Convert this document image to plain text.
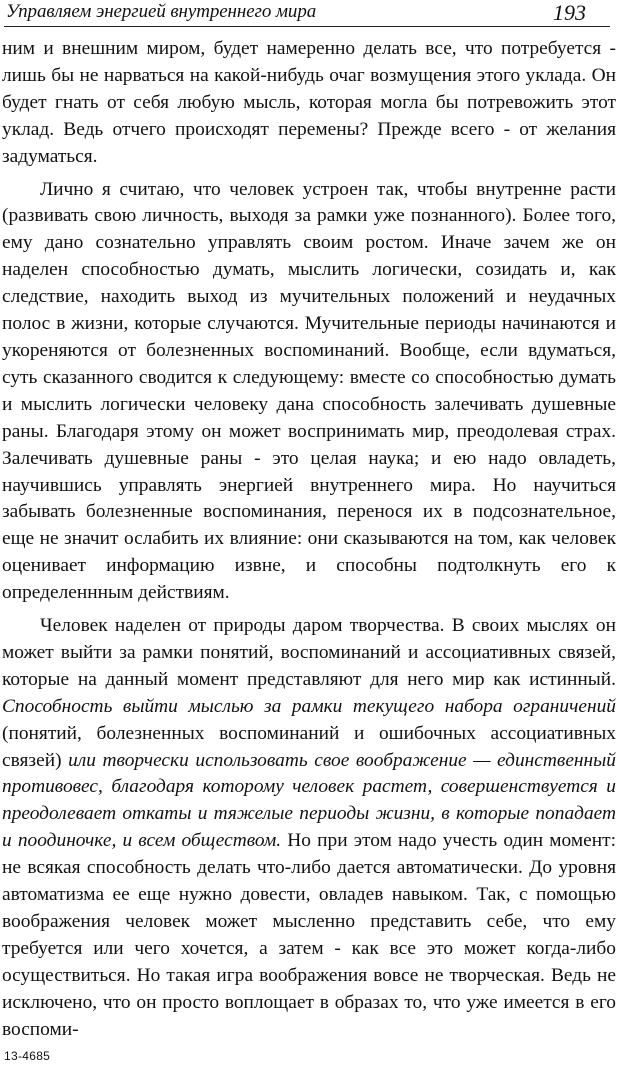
Управляем энергией внутреннего мира	193

ним и внешним миром, будет намеренно делать все, что потребуется - лишь бы не нарваться на какой-нибудь очаг возмущения этого уклада. Он будет гнать от себя любую мысль, которая могла бы потревожить этот уклад. Ведь отчего происходят перемены? Прежде всего - от желания задуматься.

Лично я считаю, что человек устроен так, чтобы внутренне расти (развивать свою личность, выходя за рамки уже познанного). Более того, ему дано сознательно управлять своим ростом. Иначе зачем же он наделен способностью думать, мыслить логически, созидать и, как следствие, находить выход из мучительных положений и неудачных полос в жизни, которые случаются. Мучительные периоды начинаются и укореняются от болезненных воспоминаний. Вообще, если вдуматься, суть сказанного сводится к следующему: вместе со способностью думать и мыслить логически человеку дана способность залечивать душевные раны. Благодаря этому он может воспринимать мир, преодолевая страх. Залечивать душевные раны - это целая наука; и ею надо овладеть, научившись управлять энергией внутреннего мира. Но научиться забывать болезненные воспоминания, перенося их в подсознательное, еще не значит ослабить их влияние: они сказываются на том, как человек оценивает информацию извне, и способны подтолкнуть его к определеннным действиям.

Человек наделен от природы даром творчества. В своих мыслях он может выйти за рамки понятий, воспоминаний и ассоциативных связей, которые на данный момент представляют для него мир как истинный. Способность выйти мыслью за рамки текущего набора ограничений (понятий, болезненных воспоминаний и ошибочных ассоциативных связей) или творчески использовать свое воображение — единственный противовес, благодаря которому человек растет, совершенствуется и преодолевает откаты и тяжелые периоды жизни, в которые попадает и поодиночке, и всем обществом. Но при этом надо учесть один момент: не всякая способность делать что-либо дается автоматически. До уровня автоматизма ее еще нужно довести, овладев навыком. Так, с помощью воображения человек может мысленно представить себе, что ему требуется или чего хочется, а затем - как все это может когда-либо осуществиться. Но такая игра воображения вовсе не творческая. Ведь не исключено, что он просто воплощает в образах то, что уже имеется в его воспоми-

13-4685
